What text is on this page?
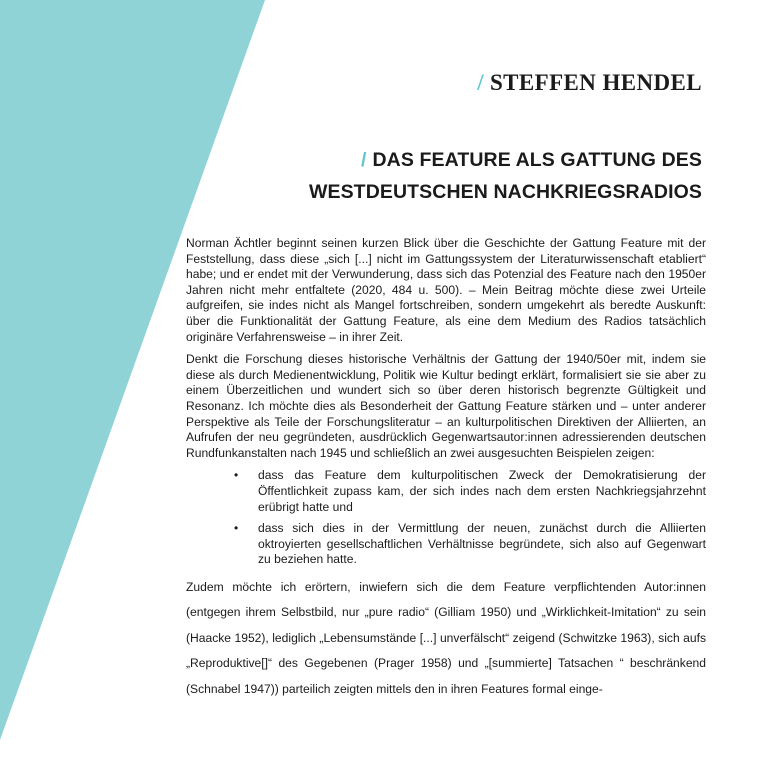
/ STEFFEN HENDEL
/ DAS FEATURE ALS GATTUNG DES
WESTDEUTSCHEN NACHKRIEGSRADIOS

Norman Ächtler beginnt seinen kurzen Blick über die Geschichte der Gattung Feature mit der Feststellung, dass diese „sich [...] nicht im Gattungssystem der Literaturwissenschaft etabliert“ habe; und er endet mit der Verwunderung, dass sich das Potenzial des Feature nach den 1950er Jahren nicht mehr entfaltete (2020, 484 u. 500). – Mein Beitrag möchte diese zwei Urteile aufgreifen, sie indes nicht als Mangel fortschreiben, sondern umgekehrt als beredte Auskunft: über die Funktionalität der Gattung Feature, als eine dem Medium des Radios tatsächlich originäre Verfahrensweise – in ihrer Zeit.

Denkt die Forschung dieses historische Verhältnis der Gattung der 1940/50er mit, indem sie diese als durch Medienentwicklung, Politik wie Kultur bedingt erklärt, formalisiert sie sie aber zu einem Überzeitlichen und wundert sich so über deren historisch begrenzte Gültigkeit und Resonanz. Ich möchte dies als Besonderheit der Gattung Feature stärken und – unter anderer Perspektive als Teile der Forschungsliteratur – an kulturpolitischen Direktiven der Alliierten, an Aufrufen der neu gegründeten, ausdrücklich Gegenwartsautor:innen adressierenden deutschen Rundfunkanstalten nach 1945 und schließlich an zwei ausgesuchten Beispielen zeigen:

• dass das Feature dem kulturpolitischen Zweck der Demokratisierung der Öffentlichkeit zupass kam, der sich indes nach dem ersten Nachkriegsjahrzehnt erübrigt hatte und
• dass sich dies in der Vermittlung der neuen, zunächst durch die Alliierten oktroyierten gesellschaftlichen Verhältnisse begründete, sich also auf Gegenwart zu beziehen hatte.

Zudem möchte ich erörtern, inwiefern sich die dem Feature verpflichtenden Autor:innen (entgegen ihrem Selbstbild, nur „pure radio“ (Gilliam 1950) und „Wirklichkeit-Imitation“ zu sein (Haacke 1952), lediglich „Lebensumstände [...] unverfälscht“ zeigend (Schwitzke 1963), sich aufs „Reproduktive[]“ des Gegebenen (Prager 1958) und „[summierte] Tatsachen “ beschränkend (Schnabel 1947)) parteilich zeigten mittels den in ihren Features formal einge-
